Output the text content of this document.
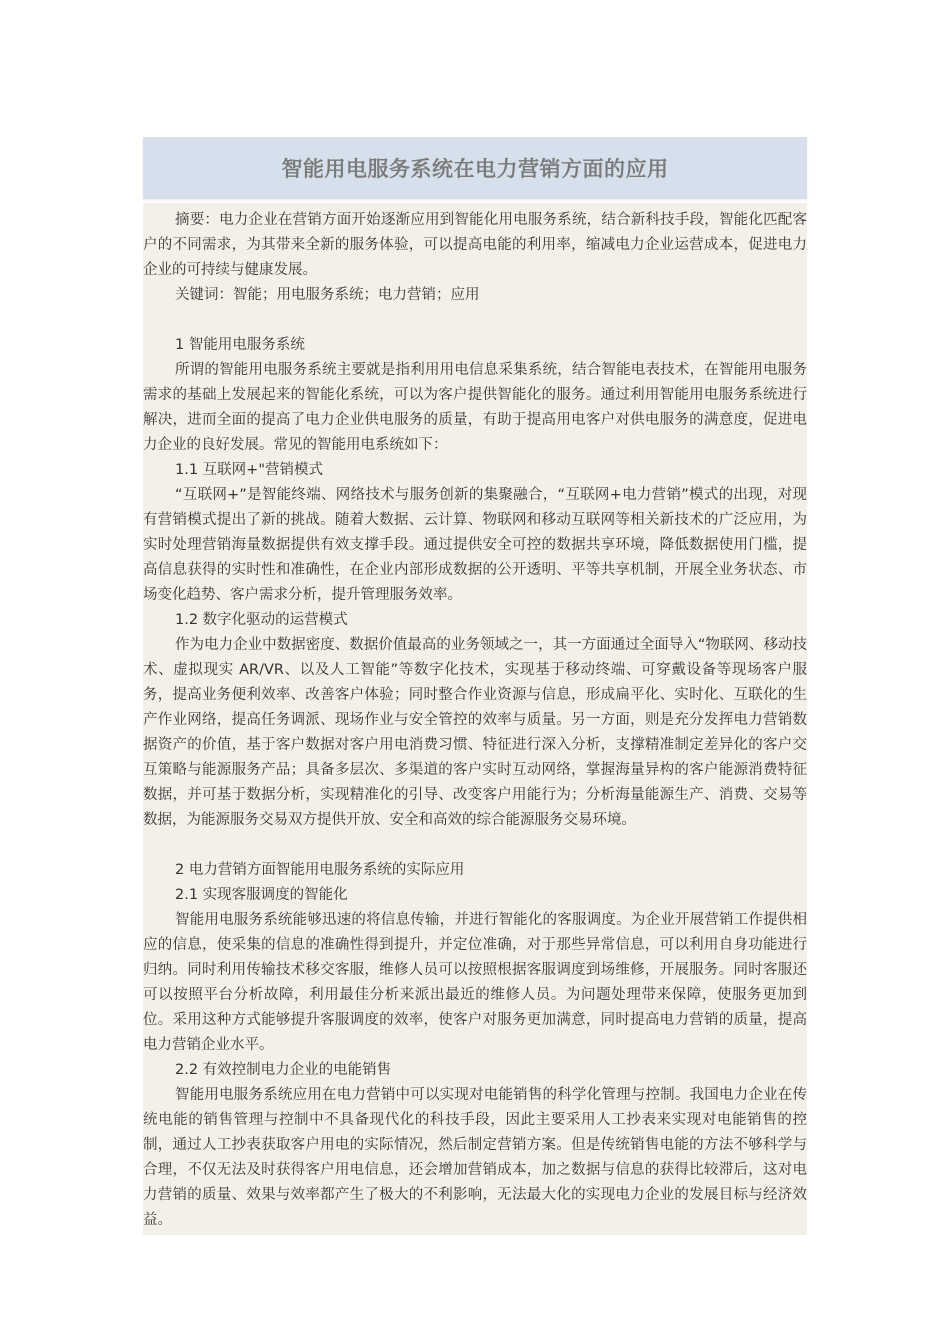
智能用电服务系统在电力营销方面的应用

摘要：电力企业在营销方面开始逐渐应用到智能化用电服务系统，结合新科技手段，智能化匹配客户的不同需求，为其带来全新的服务体验，可以提高电能的利用率，缩减电力企业运营成本，促进电力企业的可持续与健康发展。

关键词：智能；用电服务系统；电力营销；应用

1 智能用电服务系统

所谓的智能用电服务系统主要就是指利用用电信息采集系统，结合智能电表技术，在智能用电服务需求的基础上发展起来的智能化系统，可以为客户提供智能化的服务。通过利用智能用电服务系统进行解决，进而全面的提高了电力企业供电服务的质量，有助于提高用电客户对供电服务的满意度，促进电力企业的良好发展。常见的智能用电系统如下：

1.1 互联网+"营销模式

“互联网+”是智能终端、网络技术与服务创新的集聚融合，“互联网+电力营销”模式的出现，对现有营销模式提出了新的挑战。随着大数据、云计算、物联网和移动互联网等相关新技术的广泛应用，为实时处理营销海量数据提供有效支撑手段。通过提供安全可控的数据共享环境，降低数据使用门槛，提高信息获得的实时性和准确性，在企业内部形成数据的公开透明、平等共享机制，开展全业务状态、市场变化趋势、客户需求分析，提升管理服务效率。

1.2 数字化驱动的运营模式

作为电力企业中数据密度、数据价值最高的业务领域之一，其一方面通过全面导入“物联网、移动技术、虚拟现实 AR/VR、以及人工智能”等数字化技术，实现基于移动终端、可穿戴设备等现场客户服务，提高业务便利效率、改善客户体验；同时整合作业资源与信息，形成扁平化、实时化、互联化的生产作业网络，提高任务调派、现场作业与安全管控的效率与质量。另一方面，则是充分发挥电力营销数据资产的价值，基于客户数据对客户用电消费习惯、特征进行深入分析，支撑精准制定差异化的客户交互策略与能源服务产品；具备多层次、多渠道的客户实时互动网络，掌握海量异构的客户能源消费特征数据，并可基于数据分析，实现精准化的引导、改变客户用能行为；分析海量能源生产、消费、交易等数据，为能源服务交易双方提供开放、安全和高效的综合能源服务交易环境。

2 电力营销方面智能用电服务系统的实际应用

2.1 实现客服调度的智能化

智能用电服务系统能够迅速的将信息传输，并进行智能化的客服调度。为企业开展营销工作提供相应的信息，使采集的信息的准确性得到提升，并定位准确，对于那些异常信息，可以利用自身功能进行归纳。同时利用传输技术移交客服，维修人员可以按照根据客服调度到场维修，开展服务。同时客服还可以按照平台分析故障，利用最佳分析来派出最近的维修人员。为问题处理带来保障，使服务更加到位。采用这种方式能够提升客服调度的效率，使客户对服务更加满意，同时提高电力营销的质量，提高电力营销企业水平。

2.2 有效控制电力企业的电能销售

智能用电服务系统应用在电力营销中可以实现对电能销售的科学化管理与控制。我国电力企业在传统电能的销售管理与控制中不具备现代化的科技手段，因此主要采用人工抄表来实现对电能销售的控制，通过人工抄表获取客户用电的实际情况，然后制定营销方案。但是传统销售电能的方法不够科学与合理，不仅无法及时获得客户用电信息，还会增加营销成本，加之数据与信息的获得比较滞后，这对电力营销的质量、效果与效率都产生了极大的不利影响，无法最大化的实现电力企业的发展目标与经济效益。
